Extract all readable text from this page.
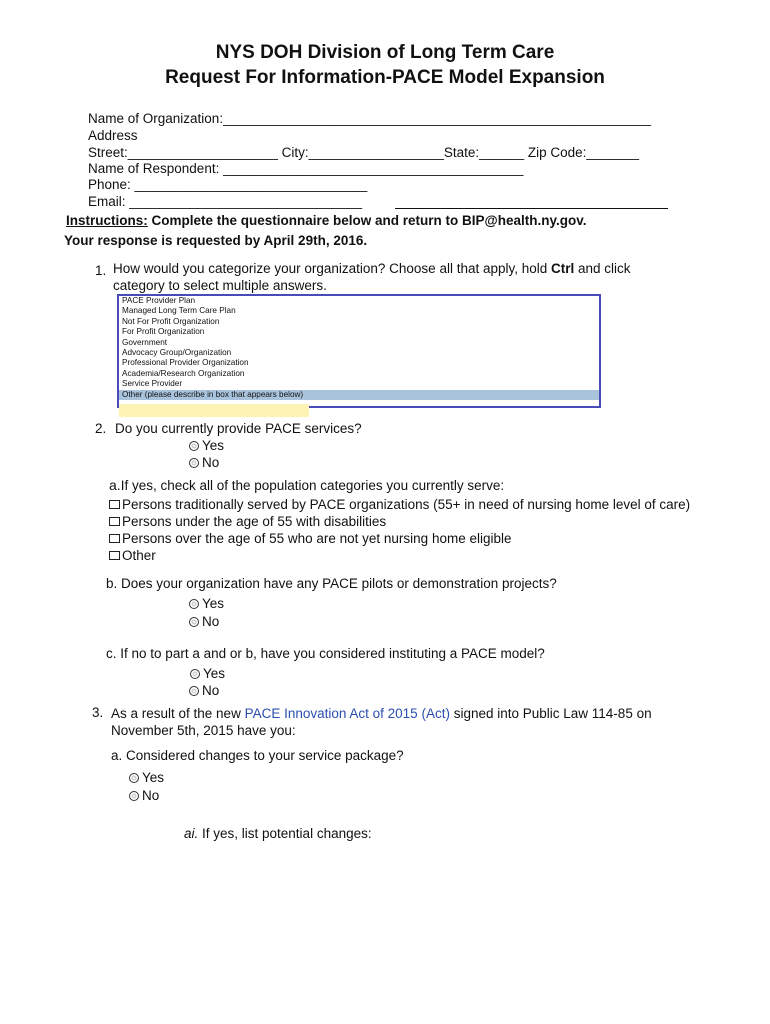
NYS DOH Division of Long Term Care
Request For Information-PACE Model Expansion
Name of Organization:_________________________________________________________
Address
Street:____________________ City:__________________State:______ Zip Code:_______
Name of Respondent: ________________________________________
Phone: _______________________________
Email: _______________________________
Instructions: Complete the questionnaire below and return to BIP@health.ny.gov.
Your response is requested by April 29th, 2016.
1. How would you categorize your organization? Choose all that apply, hold Ctrl and click
category to select multiple answers.
PACE Provider Plan
Managed Long Term Care Plan
Not For Profit Organization
For Profit Organization
Government
Advocacy Group/Organization
Professional Provider Organization
Academia/Research Organization
Service Provider
Other (please describe in box that appears below)
2. Do you currently provide PACE services?
Yes
No
a.If yes, check all of the population categories you currently serve:
Persons traditionally served by PACE organizations (55+ in need of nursing home level of care)
Persons under the age of 55 with disabilities
Persons over the age of 55 who are not yet nursing home eligible
Other
b. Does your organization have any PACE pilots or demonstration projects?
Yes
No
c. If no to part a and or b, have you considered instituting a PACE model?
Yes
No
3. As a result of the new PACE Innovation Act of 2015 (Act) signed into Public Law 114-85 on
November 5th, 2015 have you:
a. Considered changes to your service package?
Yes
No
ai. If yes, list potential changes:
